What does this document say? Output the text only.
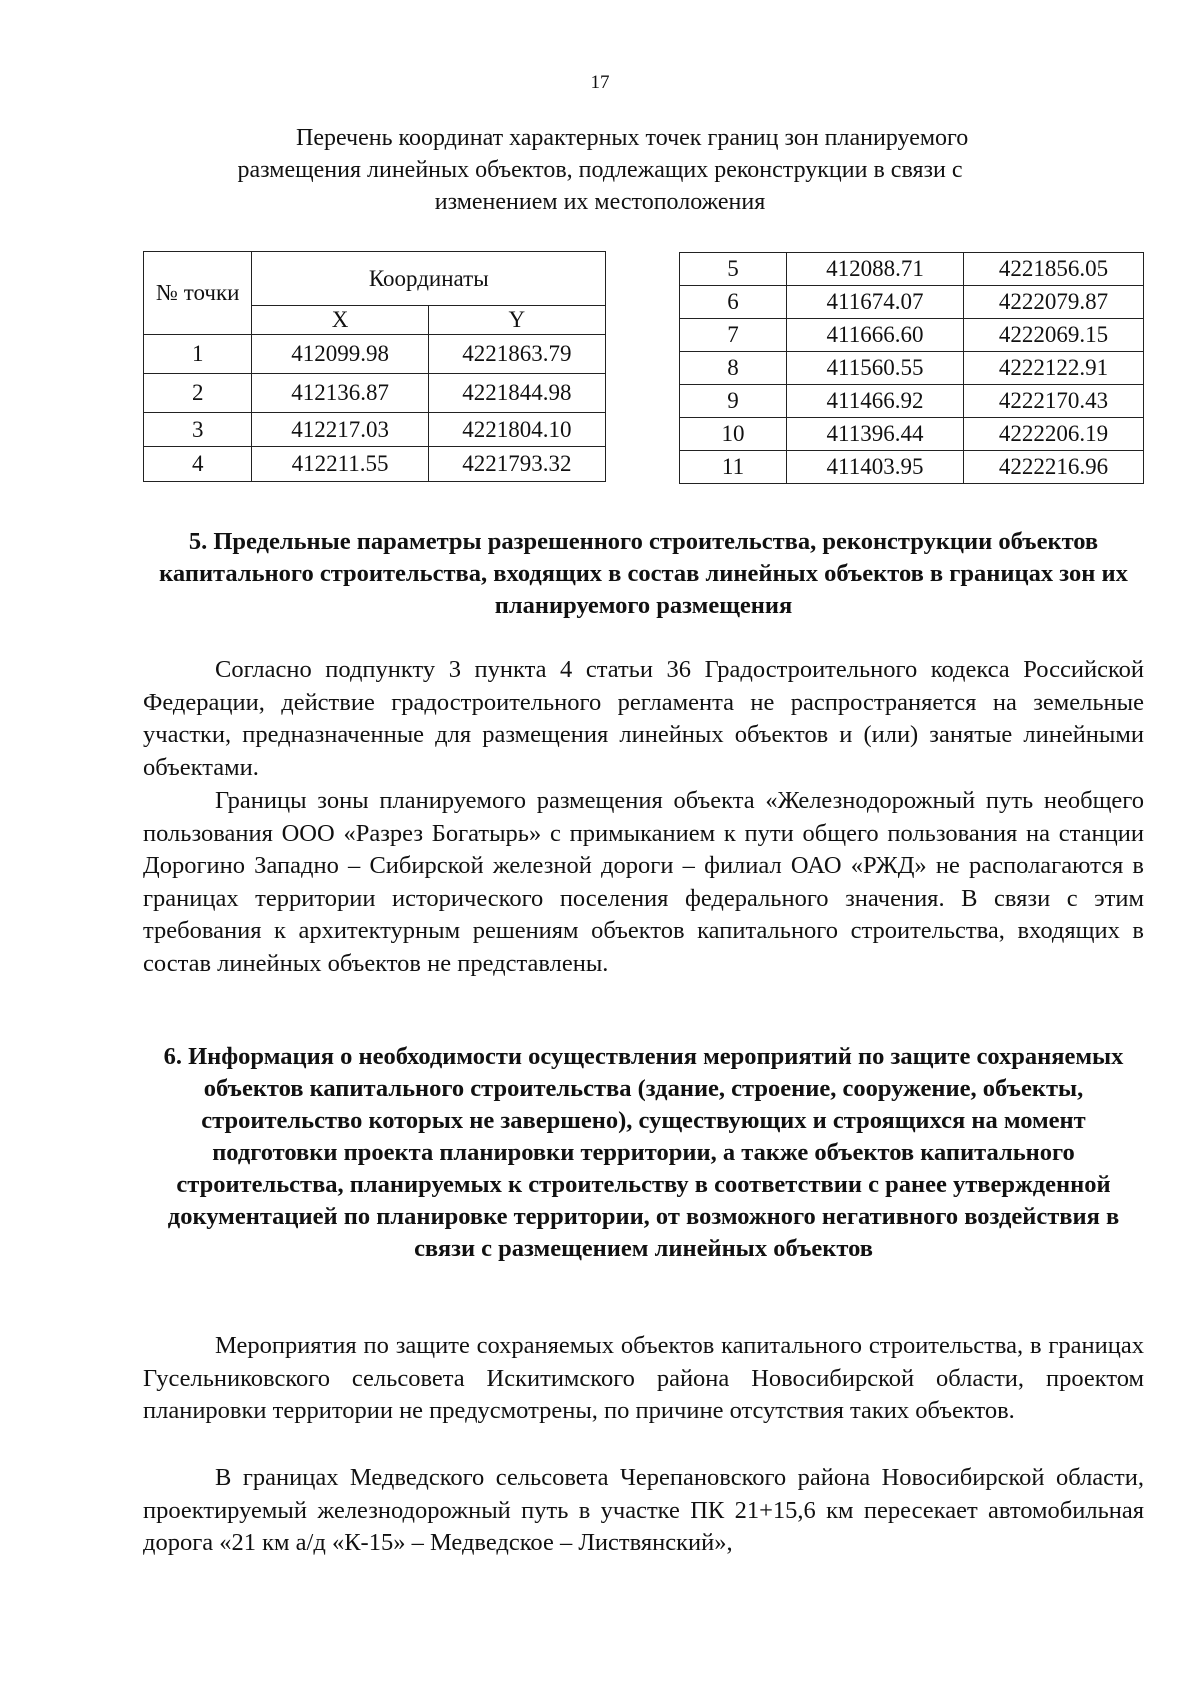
17
Перечень координат характерных точек границ зон планируемого
размещения линейных объектов, подлежащих реконструкции в связи с изменением их местоположения
№ точки	Координаты	
	X	Y
1	412099.98	4221863.79
2	412136.87	4221844.98
3	412217.03	4221804.10
4	412211.55	4221793.32
5	412088.71	4221856.05
6	411674.07	4222079.87
7	411666.60	4222069.15
8	411560.55	4222122.91
9	411466.92	4222170.43
10	411396.44	4222206.19
11	411403.95	4222216.96
5. Предельные параметры разрешенного строительства, реконструкции объектов капитального строительства, входящих в состав линейных объектов в границах зон их планируемого размещения

Согласно подпункту 3 пункта 4 статьи 36 Градостроительного кодекса Российской Федерации, действие градостроительного регламента не распространяется на земельные участки, предназначенные для размещения линейных объектов и (или) занятые линейными объектами.

Границы зоны планируемого размещения объекта «Железнодорожный путь необщего пользования ООО «Разрез Богатырь» с примыканием к пути общего пользования на станции Дорогино Западно – Сибирской железной дороги – филиал ОАО «РЖД» не располагаются в границах территории исторического поселения федерального значения. В связи с этим требования к архитектурным решениям объектов капитального строительства, входящих в состав линейных объектов не представлены.

6. Информация о необходимости осуществления мероприятий по защите сохраняемых объектов капитального строительства (здание, строение, сооружение, объекты, строительство которых не завершено), существующих и строящихся на момент подготовки проекта планировки территории, а также объектов капитального строительства, планируемых к строительству в соответствии с ранее утвержденной документацией по планировке территории, от возможного негативного воздействия в связи с размещением линейных объектов

Мероприятия по защите сохраняемых объектов капитального строительства, в границах Гусельниковского сельсовета Искитимского района Новосибирской области, проектом планировки территории не предусмотрены, по причине отсутствия таких объектов.

В границах Медведского сельсовета Черепановского района Новосибирской области, проектируемый железнодорожный путь в участке ПК 21+15,6 км пересекает автомобильная дорога «21 км а/д «К-15» – Медведское – Листвянский»,
